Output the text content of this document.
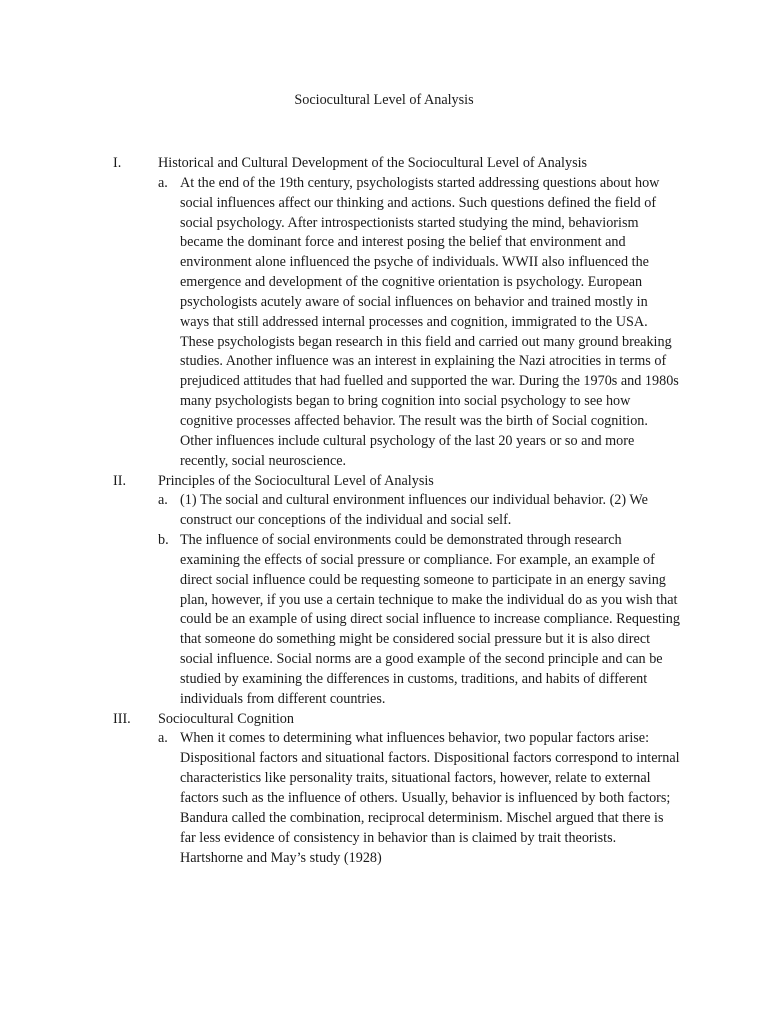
Sociocultural Level of Analysis
I.	Historical and Cultural Development of the Sociocultural Level of Analysis
a. At the end of the 19th century, psychologists started addressing questions about how social influences affect our thinking and actions. Such questions defined the field of social psychology. After introspectionists started studying the mind, behaviorism became the dominant force and interest posing the belief that environment and environment alone influenced the psyche of individuals. WWII also influenced the emergence and development of the cognitive orientation is psychology. European psychologists acutely aware of social influences on behavior and trained mostly in ways that still addressed internal processes and cognition, immigrated to the USA. These psychologists began research in this field and carried out many ground breaking studies. Another influence was an interest in explaining the Nazi atrocities in terms of prejudiced attitudes that had fuelled and supported the war. During the 1970s and 1980s many psychologists began to bring cognition into social psychology to see how cognitive processes affected behavior. The result was the birth of Social cognition. Other influences include cultural psychology of the last 20 years or so and more recently, social neuroscience.
II. Principles of the Sociocultural Level of Analysis
a. (1) The social and cultural environment influences our individual behavior. (2) We construct our conceptions of the individual and social self.
b. The influence of social environments could be demonstrated through research examining the effects of social pressure or compliance. For example, an example of direct social influence could be requesting someone to participate in an energy saving plan, however, if you use a certain technique to make the individual do as you wish that could be an example of using direct social influence to increase compliance. Requesting that someone do something might be considered social pressure but it is also direct social influence. Social norms are a good example of the second principle and can be studied by examining the differences in customs, traditions, and habits of different individuals from different countries.
III. Sociocultural Cognition
a. When it comes to determining what influences behavior, two popular factors arise: Dispositional factors and situational factors. Dispositional factors correspond to internal characteristics like personality traits, situational factors, however, relate to external factors such as the influence of others. Usually, behavior is influenced by both factors; Bandura called the combination, reciprocal determinism. Mischel argued that there is far less evidence of consistency in behavior than is claimed by trait theorists. Hartshorne and May’s study (1928)
